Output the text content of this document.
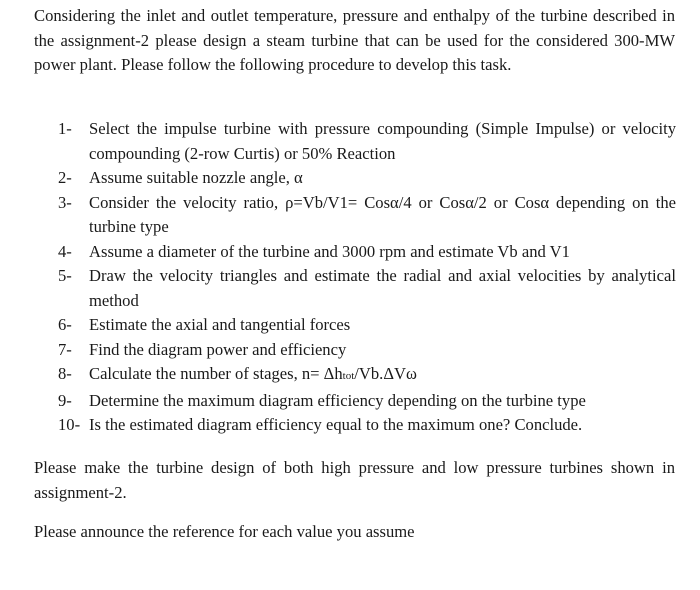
Considering the inlet and outlet temperature, pressure and enthalpy of the turbine described in the assignment-2 please design a steam turbine that can be used for the considered 300-MW power plant. Please follow the following procedure to develop this task.

1-	Select the impulse turbine with pressure compounding (Simple Impulse) or velocity compounding (2-row Curtis) or 50% Reaction
2-	Assume suitable nozzle angle, α
3-	Consider the velocity ratio, ρ=Vb/V1= Cosα/4 or Cosα/2 or Cosα depending on the turbine type
4-	Assume a diameter of the turbine and 3000 rpm and estimate Vb and V1
5-	Draw the velocity triangles and estimate the radial and axial velocities by analytical method
6-	Estimate the axial and tangential forces
7-	Find the diagram power and efficiency
8-	Calculate the number of stages, n= Δhtot/Vb.ΔVω
9-	Determine the maximum diagram efficiency depending on the turbine type
10- Is the estimated diagram efficiency equal to the maximum one? Conclude.

Please make the turbine design of both high pressure and low pressure turbines shown in assignment-2.

Please announce the reference for each value you assume
